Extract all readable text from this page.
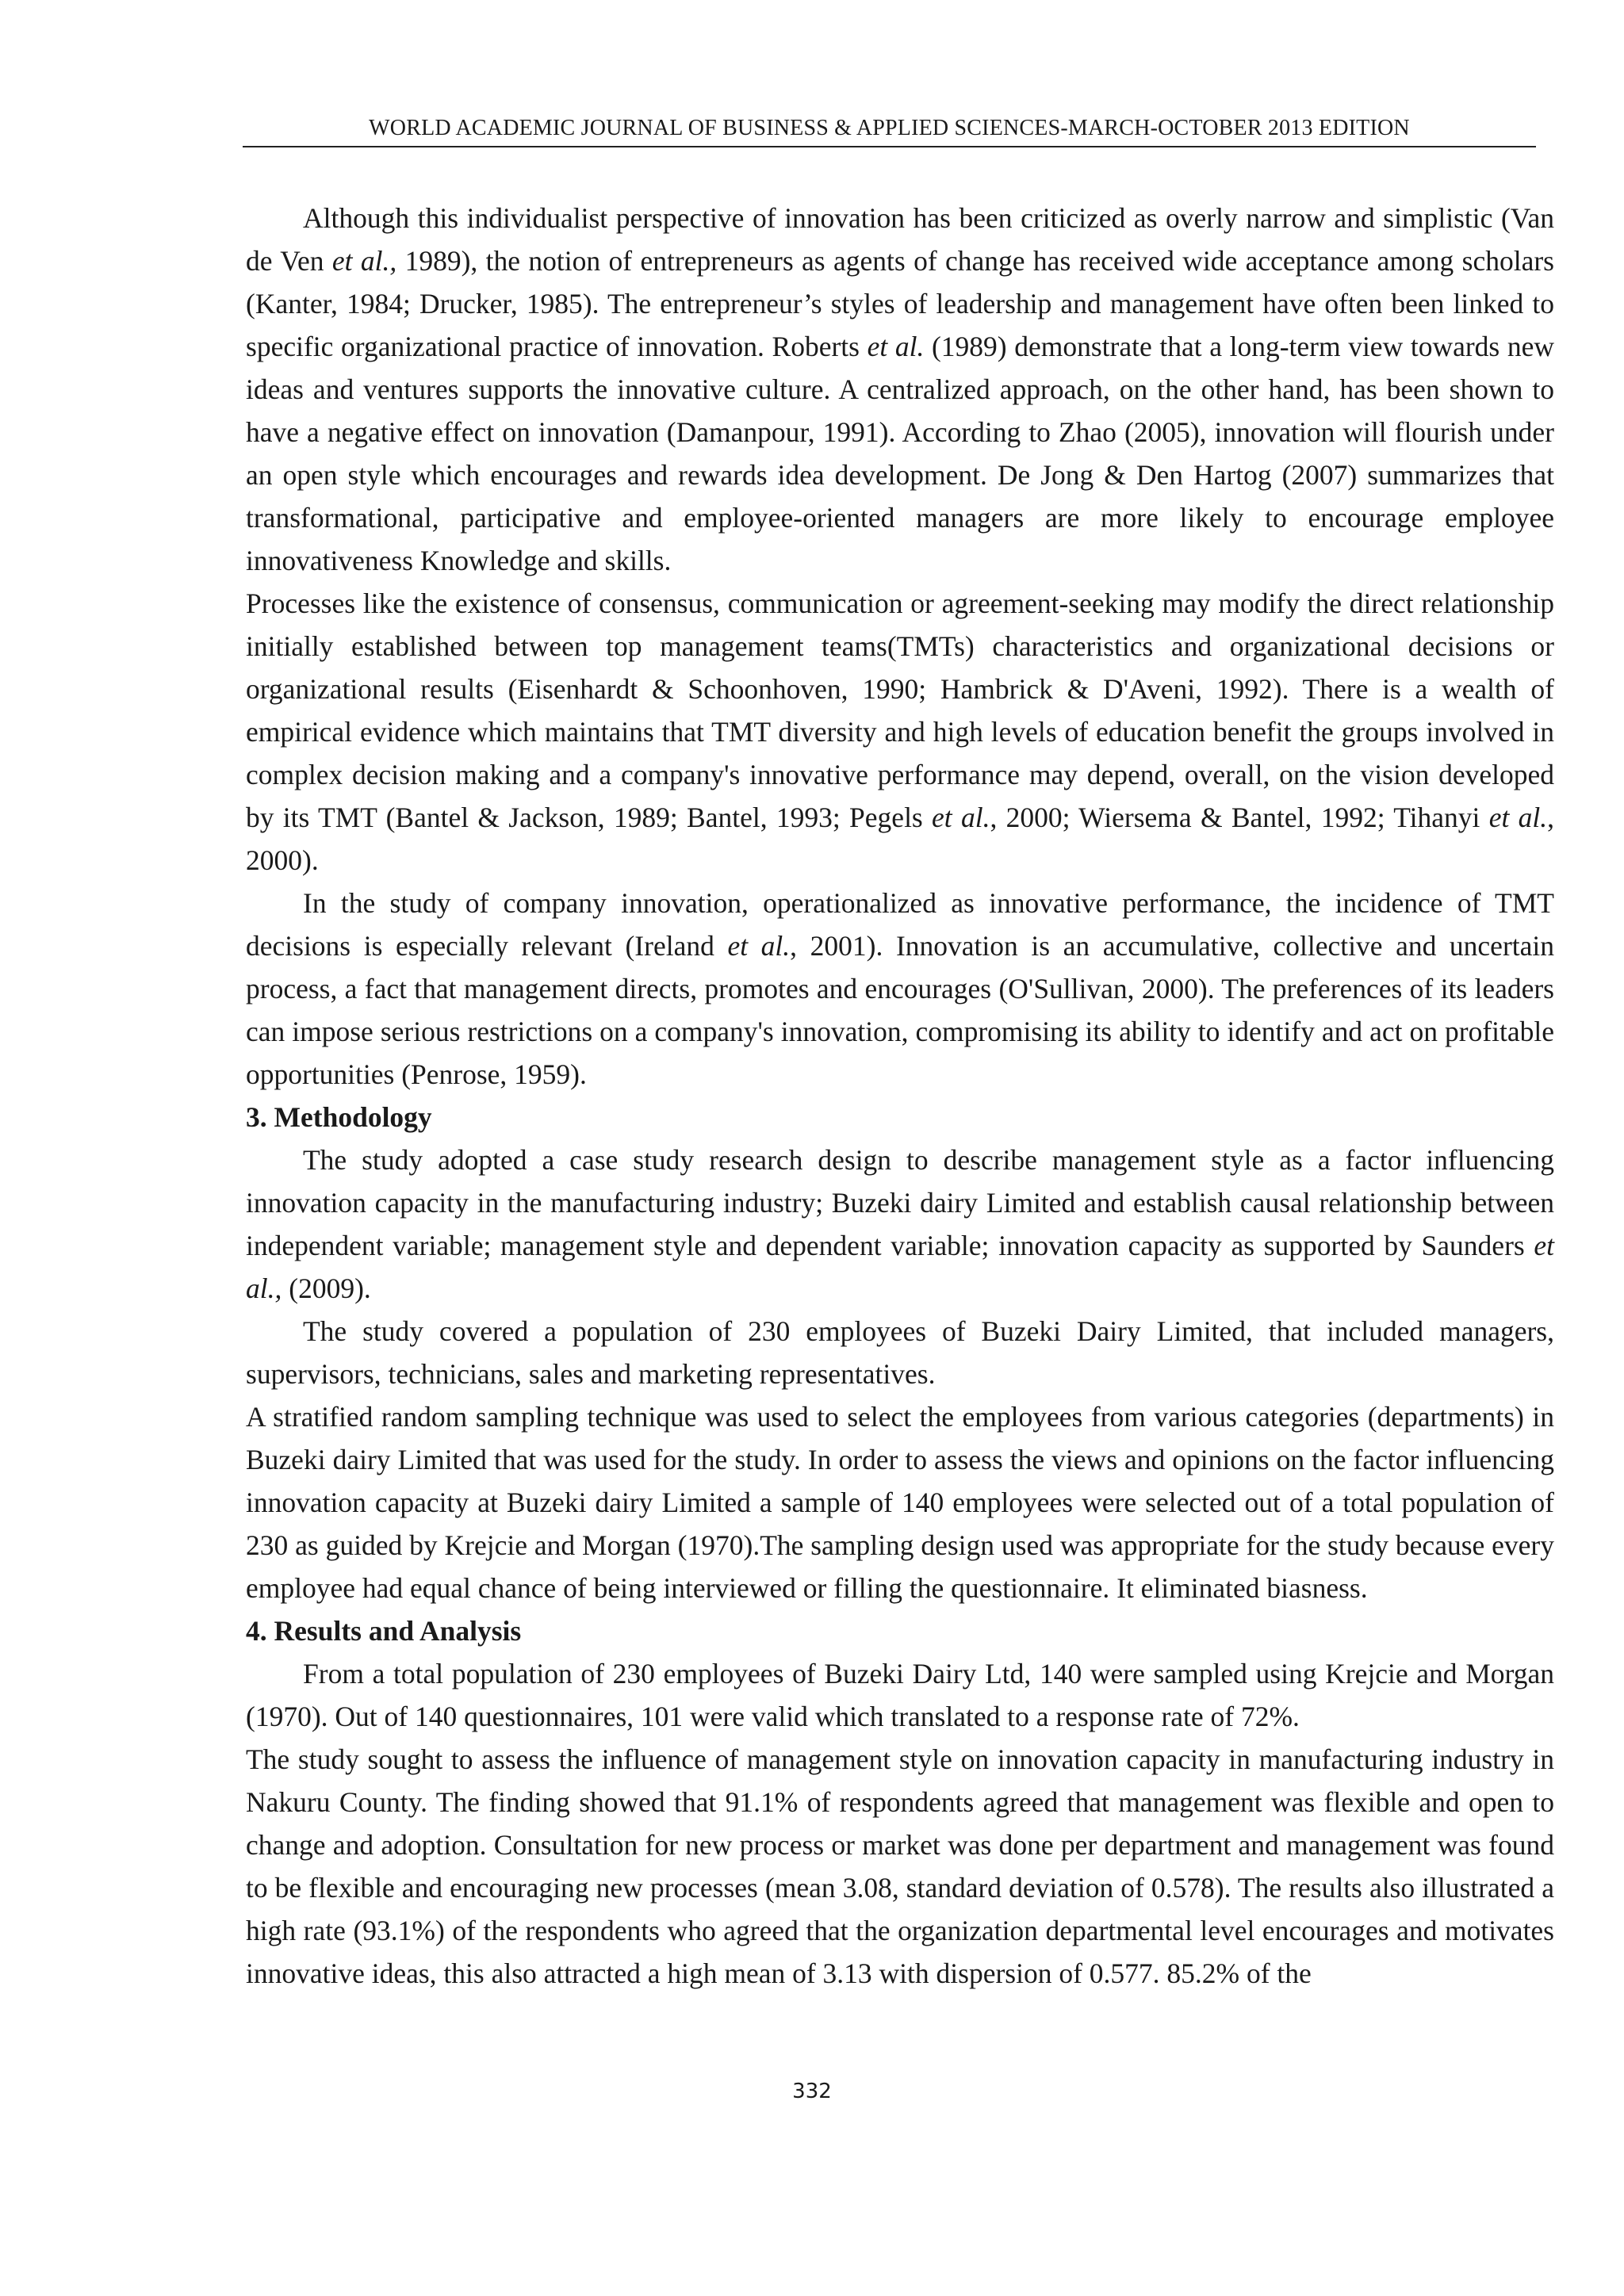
WORLD ACADEMIC JOURNAL OF BUSINESS & APPLIED SCIENCES-MARCH-OCTOBER 2013 EDITION

Although this individualist perspective of innovation has been criticized as overly narrow and simplistic (Van de Ven et al., 1989), the notion of entrepreneurs as agents of change has received wide acceptance among scholars (Kanter, 1984; Drucker, 1985). The entrepreneur’s styles of leadership and management have often been linked to specific organizational practice of innovation. Roberts et al. (1989) demonstrate that a long-term view towards new ideas and ventures supports the innovative culture. A centralized approach, on the other hand, has been shown to have a negative effect on innovation (Damanpour, 1991). According to Zhao (2005), innovation will flourish under an open style which encourages and rewards idea development. De Jong & Den Hartog (2007) summarizes that transformational, participative and employee-oriented managers are more likely to encourage employee innovativeness Knowledge and skills.

Processes like the existence of consensus, communication or agreement-seeking may modify the direct relationship initially established between top management teams(TMTs) characteristics and organizational decisions or organizational results (Eisenhardt & Schoonhoven, 1990; Hambrick & D'Aveni, 1992). There is a wealth of empirical evidence which maintains that TMT diversity and high levels of education benefit the groups involved in complex decision making and a company's innovative performance may depend, overall, on the vision developed by its TMT (Bantel & Jackson, 1989; Bantel, 1993; Pegels et al., 2000; Wiersema & Bantel, 1992; Tihanyi et al., 2000).

In the study of company innovation, operationalized as innovative performance, the incidence of TMT decisions is especially relevant (Ireland et al., 2001). Innovation is an accumulative, collective and uncertain process, a fact that management directs, promotes and encourages (O'Sullivan, 2000). The preferences of its leaders can impose serious restrictions on a company's innovation, compromising its ability to identify and act on profitable opportunities (Penrose, 1959).

3. Methodology

The study adopted a case study research design to describe management style as a factor influencing innovation capacity in the manufacturing industry; Buzeki dairy Limited and establish causal relationship between independent variable; management style and dependent variable; innovation capacity as supported by Saunders et al., (2009).

The study covered a population of 230 employees of Buzeki Dairy Limited, that included managers, supervisors, technicians, sales and marketing representatives.

A stratified random sampling technique was used to select the employees from various categories (departments) in Buzeki dairy Limited that was used for the study. In order to assess the views and opinions on the factor influencing innovation capacity at Buzeki dairy Limited a sample of 140 employees were selected out of a total population of 230 as guided by Krejcie and Morgan (1970).The sampling design used was appropriate for the study because every employee had equal chance of being interviewed or filling the questionnaire. It eliminated biasness.

4. Results and Analysis

From a total population of 230 employees of Buzeki Dairy Ltd, 140 were sampled using Krejcie and Morgan (1970). Out of 140 questionnaires, 101 were valid which translated to a response rate of 72%.

The study sought to assess the influence of management style on innovation capacity in manufacturing industry in Nakuru County. The finding showed that 91.1% of respondents agreed that management was flexible and open to change and adoption. Consultation for new process or market was done per department and management was found to be flexible and encouraging new processes (mean 3.08, standard deviation of 0.578). The results also illustrated a high rate (93.1%) of the respondents who agreed that the organization departmental level encourages and motivates innovative ideas, this also attracted a high mean of 3.13 with dispersion of 0.577. 85.2% of the

332
